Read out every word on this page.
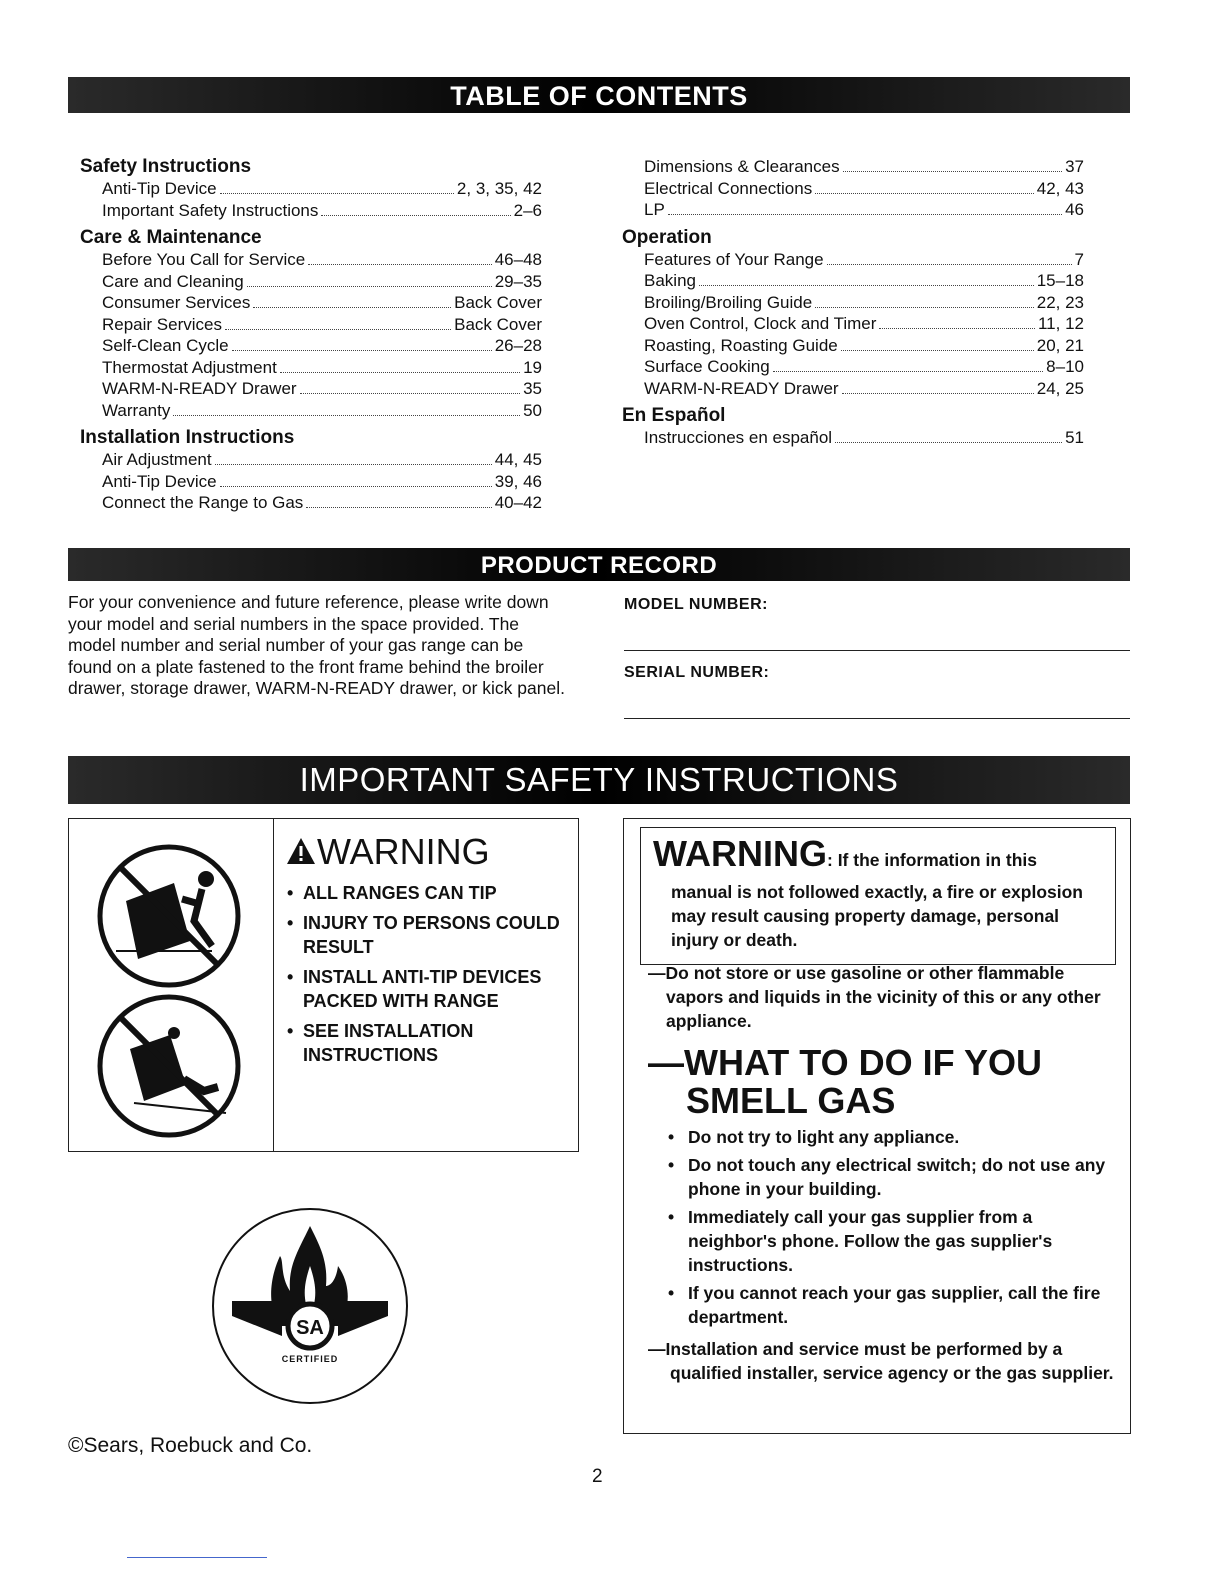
TABLE OF CONTENTS
Safety Instructions
Anti-Tip Device	2, 3, 35, 42
Important Safety Instructions	2–6
Care & Maintenance
Before You Call for Service	46–48
Care and Cleaning	29–35
Consumer Services	Back Cover
Repair Services	Back Cover
Self-Clean Cycle	26–28
Thermostat Adjustment	19
WARM-N-READY Drawer	35
Warranty	50
Installation Instructions
Air Adjustment	44, 45
Anti-Tip Device	39, 46
Connect the Range to Gas	40–42
Dimensions & Clearances	37
Electrical Connections	42, 43
LP	46
Operation
Features of Your Range	7
Baking	15–18
Broiling/Broiling Guide	22, 23
Oven Control, Clock and Timer	11, 12
Roasting, Roasting Guide	20, 21
Surface Cooking	8–10
WARM-N-READY Drawer	24, 25
En Español
Instrucciones en español	51
PRODUCT RECORD
For your convenience and future reference, please write down your model and serial numbers in the space provided. The model number and serial number of your gas range can be found on a plate fastened to the front frame behind the broiler drawer, storage drawer, WARM-N-READY drawer, or kick panel.
MODEL NUMBER:
SERIAL NUMBER:
IMPORTANT SAFETY INSTRUCTIONS
WARNING
• ALL RANGES CAN TIP
• INJURY TO PERSONS COULD RESULT
• INSTALL ANTI-TIP DEVICES PACKED WITH RANGE
• SEE INSTALLATION INSTRUCTIONS
SA
CERTIFIED
WARNING: If the information in this
manual is not followed exactly, a fire or explosion may result causing property damage, personal injury or death.
—Do not store or use gasoline or other flammable vapors and liquids in the vicinity of this or any other appliance.
—WHAT TO DO IF YOU
SMELL GAS
• Do not try to light any appliance.
• Do not touch any electrical switch; do not use any phone in your building.
• Immediately call your gas supplier from a neighbor's phone. Follow the gas supplier's instructions.
• If you cannot reach your gas supplier, call the fire department.
—Installation and service must be performed by a qualified installer, service agency or the gas supplier.
©Sears, Roebuck and Co.
2
